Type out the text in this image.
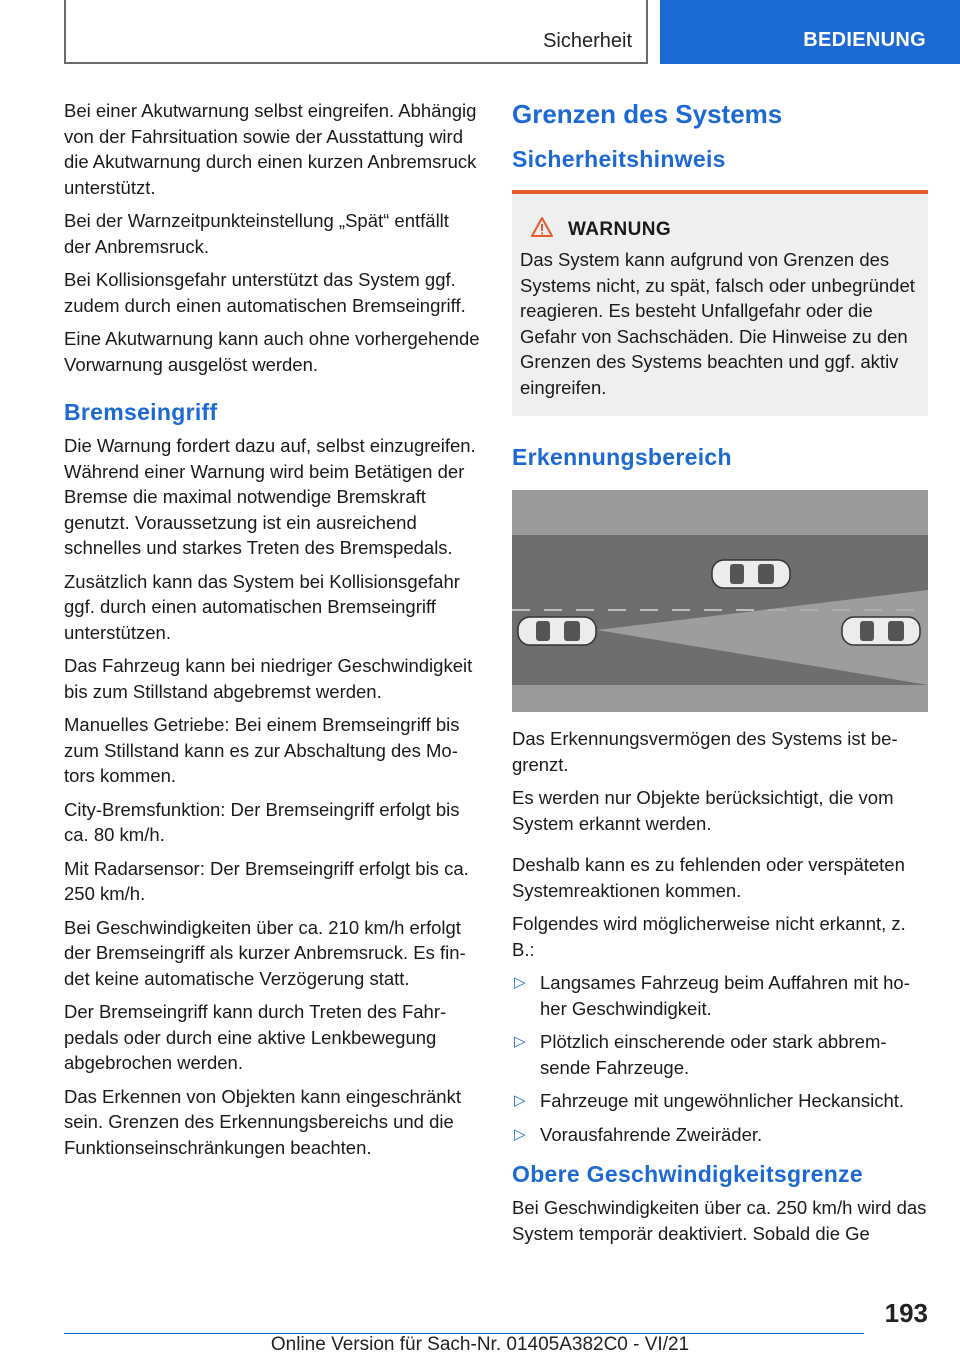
Sicherheit	BEDIENUNG

Bei einer Akutwarnung selbst eingreifen. Abhängig von der Fahrsituation sowie der Ausstattung wird die Akutwarnung durch einen kurzen Anbremsruck unterstützt.

Bei der Warnzeitpunkteinstellung „Spät“ entfällt der Anbremsruck.

Bei Kollisionsgefahr unterstützt das System ggf. zudem durch einen automatischen Bremseingriff.

Eine Akutwarnung kann auch ohne vorhergehende Vorwarnung ausgelöst werden.

Bremseingriff

Die Warnung fordert dazu auf, selbst einzugreifen. Während einer Warnung wird beim Betätigen der Bremse die maximal notwendige Bremskraft genutzt. Voraussetzung ist ein ausreichend schnelles und starkes Treten des Bremspedals.

Zusätzlich kann das System bei Kollisionsgefahr ggf. durch einen automatischen Bremseingriff unterstützen.

Das Fahrzeug kann bei niedriger Geschwindigkeit bis zum Stillstand abgebremst werden.

Manuelles Getriebe: Bei einem Bremseingriff bis zum Stillstand kann es zur Abschaltung des Motors kommen.

City-Bremsfunktion: Der Bremseingriff erfolgt bis ca. 80 km/h.

Mit Radarsensor: Der Bremseingriff erfolgt bis ca. 250 km/h.

Bei Geschwindigkeiten über ca. 210 km/h erfolgt der Bremseingriff als kurzer Anbremsruck. Es findet keine automatische Verzögerung statt.

Der Bremseingriff kann durch Treten des Fahrpedals oder durch eine aktive Lenkbewegung abgebrochen werden.

Das Erkennen von Objekten kann eingeschränkt sein. Grenzen des Erkennungsbereichs und die Funktionseinschränkungen beachten.

Grenzen des Systems
Sicherheitshinweis
WARNUNG

Das System kann aufgrund von Grenzen des Systems nicht, zu spät, falsch oder unbegründet reagieren. Es besteht Unfallgefahr oder die Gefahr von Sachschäden. Die Hinweise zu den Grenzen des Systems beachten und ggf. aktiv eingreifen.

Erkennungsbereich

Das Erkennungsvermögen des Systems ist begrenzt.

Es werden nur Objekte berücksichtigt, die vom System erkannt werden.

Deshalb kann es zu fehlenden oder verspäteten Systemreaktionen kommen.

Folgendes wird möglicherweise nicht erkannt, z. B.:

▷ Langsames Fahrzeug beim Auffahren mit hoher Geschwindigkeit.
▷ Plötzlich einscherende oder stark abbremsende Fahrzeuge.
▷ Fahrzeuge mit ungewöhnlicher Heckansicht.
▷ Vorausfahrende Zweiräder.
Obere Geschwindigkeitsgrenze

Bei Geschwindigkeiten über ca. 250 km/h wird das System temporär deaktiviert. Sobald die Ge

193
Online Version für Sach-Nr. 01405A382C0 - VI/21
